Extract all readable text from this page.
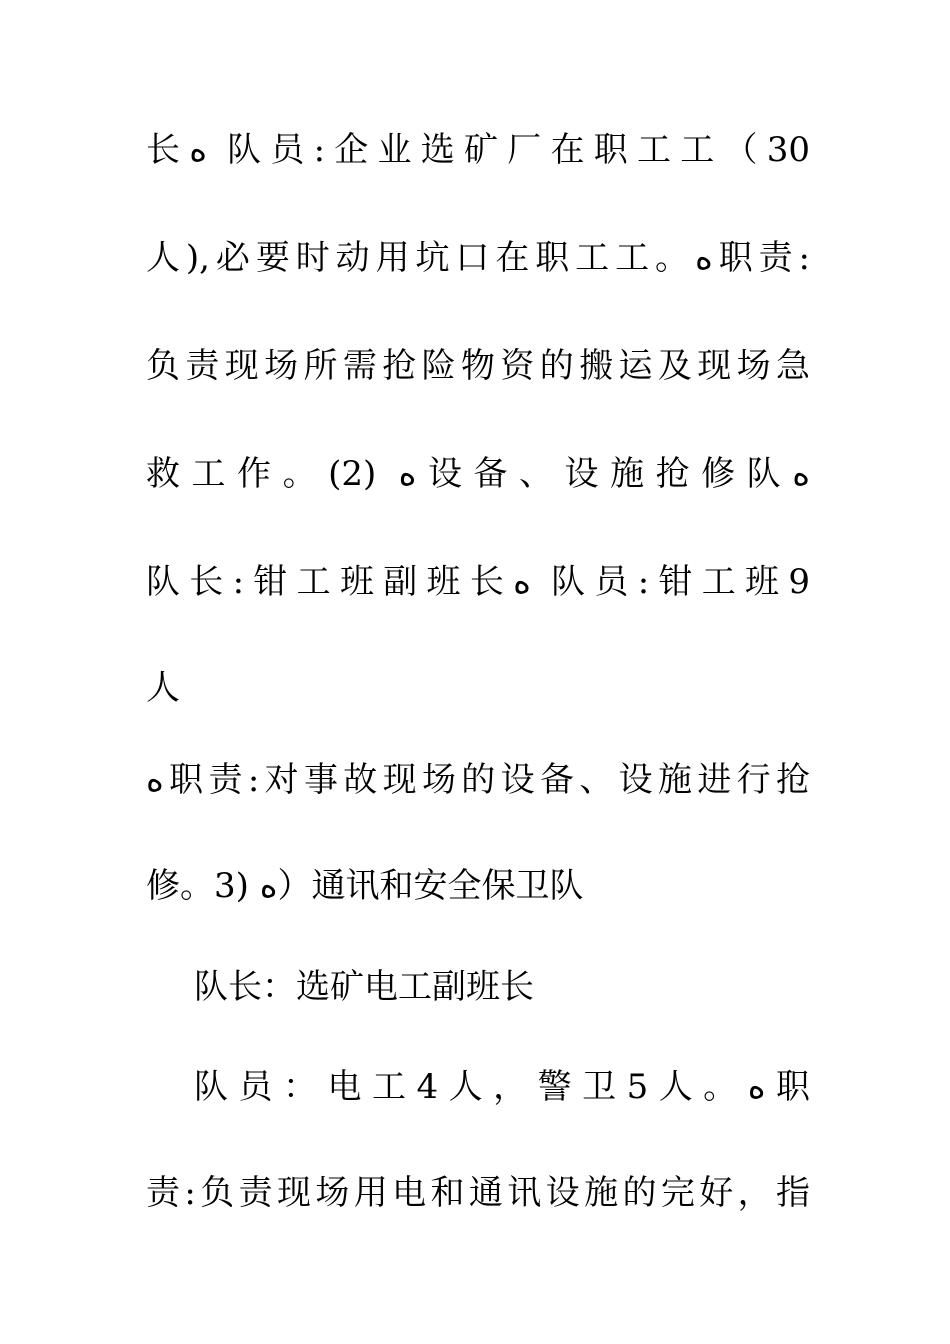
长ﻩ 队员:企业选矿厂在职工工（30
人),必要时动用坑口在职工工。ﻩ职责:
负责现场所需抢险物资的搬运及现场急
救工作。(2) ﻩ设备、设施抢修队ﻩ
队长:钳工班副班长ﻩ 队员:钳工班9
人
ﻩ职责:对事故现场的设备、设施进行抢
修。3) ﻩ）通讯和安全保卫队
队长：选矿电工副班长
队员：电工4人，警卫5人。ﻩ职
责:负责现场用电和通讯设施的完好，指
